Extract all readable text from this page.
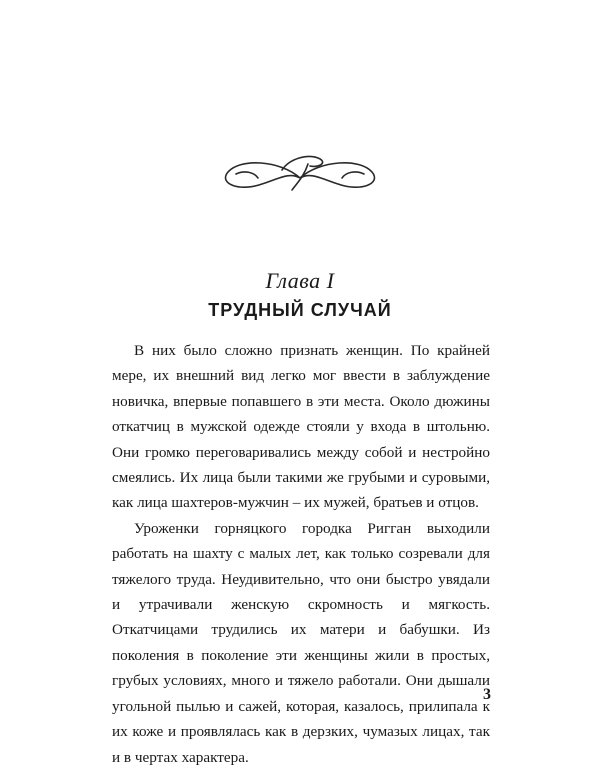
Глава I
ТРУДНЫЙ СЛУЧАЙ

В них было сложно признать женщин. По крайней мере, их внешний вид легко мог ввести в заблуждение новичка, впервые попавшего в эти места. Около дюжины откатчиц в мужской одежде стояли у входа в штольню. Они громко переговаривались между собой и нестройно смеялись. Их лица были такими же грубыми и суровыми, как лица шахтеров-мужчин – их мужей, братьев и отцов.

Уроженки горняцкого городка Ригган выходили работать на шахту с малых лет, как только созревали для тяжелого труда. Неудивительно, что они быстро увядали и утрачивали женскую скромность и мягкость. Откатчицами трудились их матери и бабушки. Из поколения в поколение эти женщины жили в простых, грубых условиях, много и тяжело работали. Они дышали угольной пылью и сажей, которая, казалось, прилипала к их коже и проявлялась как в дерзких, чумазых лицах, так и в чертах характера.

3
